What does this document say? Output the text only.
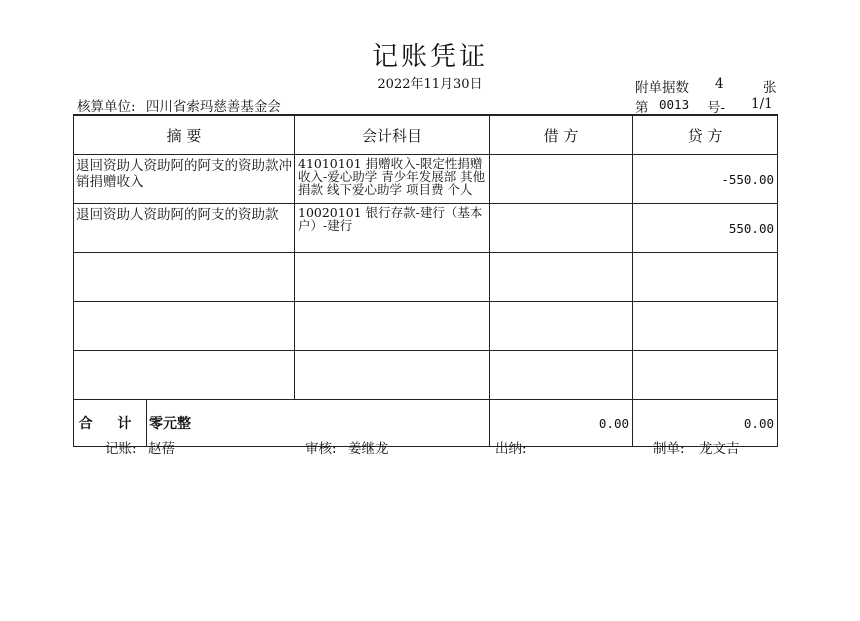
记账凭证
2022年11月30日
核算单位: 四川省索玛慈善基金会
附单据数 4	张
第 0013 号- 1/1
摘 要	会计科目	借 方	贷 方
退回资助人资助阿的阿支的资助款冲销捐赠收入	41010101 捐赠收入-限定性捐赠收入-爱心助学 青少年发展部 其他捐款 线下爱心助学 项目费 个人		-550.00
退回资助人资助阿的阿支的资助款	10020101 银行存款-建行（基本户）-建行		550.00

合 计 零元整		0.00	0.00
记账: 赵蓓	审核: 姜继龙	出纳:	制单: 龙文吉
